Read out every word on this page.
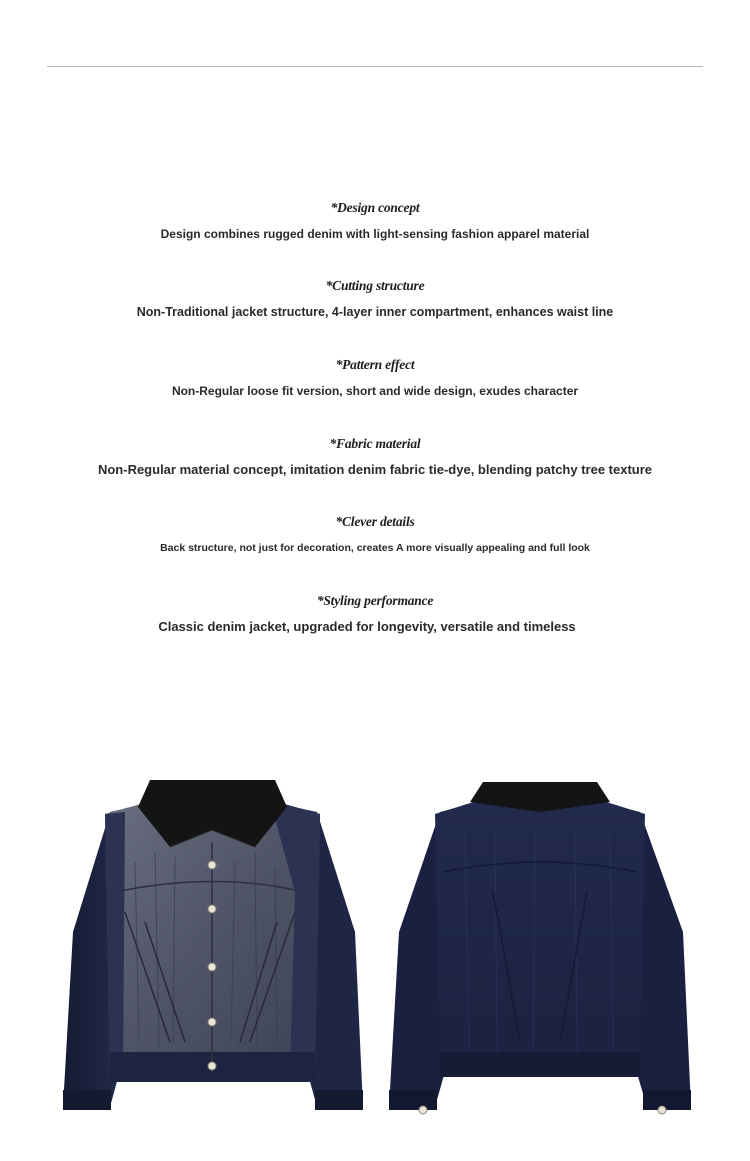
*Design concept
Design combines rugged denim with light-sensing fashion apparel material
*Cutting structure
Non-Traditional jacket structure, 4-layer inner compartment, enhances waist line
*Pattern effect
Non-Regular loose fit version, short and wide design, exudes character
*Fabric material
Non-Regular material concept, imitation denim fabric tie-dye, blending patchy tree texture
*Clever details
Back structure, not just for decoration, creates A more visually appealing and full look
*Styling performance
Classic denim jacket, upgraded for longevity, versatile and timeless
